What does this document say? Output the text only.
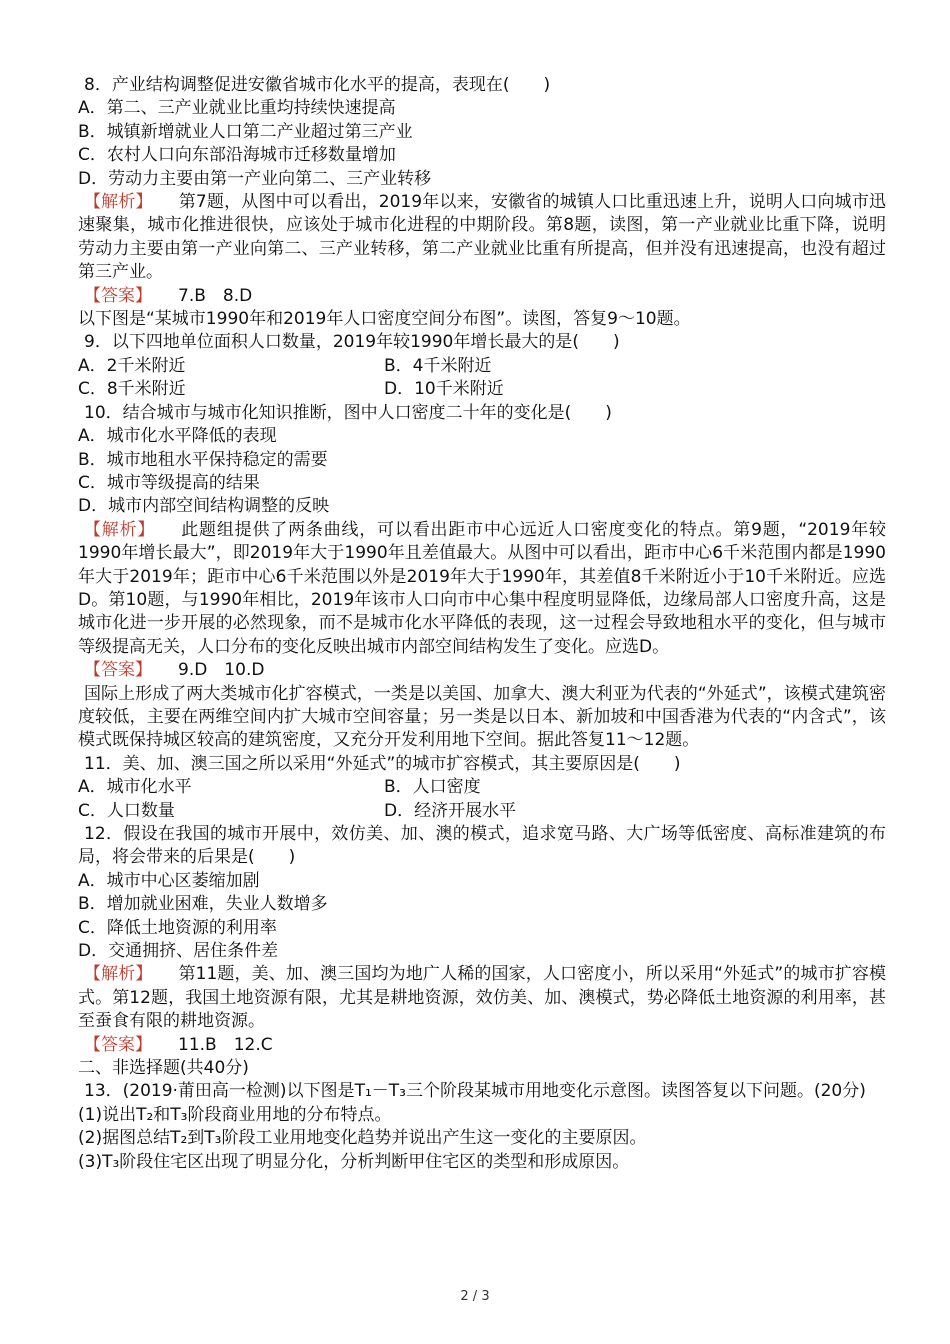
8．产业结构调整促进安徽省城市化水平的提高，表现在(　　)

A．第二、三产业就业比重均持续快速提高

B．城镇新增就业人口第二产业超过第三产业

C．农村人口向东部沿海城市迁移数量增加

D．劳动力主要由第一产业向第二、三产业转移

【解析】 第7题，从图中可以看出，2019年以来，安徽省的城镇人口比重迅速上升，说明人口向城市迅速聚集，城市化推进很快，应该处于城市化进程的中期阶段。第8题，读图，第一产业就业比重下降，说明劳动力主要由第一产业向第二、三产业转移，第二产业就业比重有所提高，但并没有迅速提高，也没有超过第三产业。

【答案】 7.B　8.D

以下图是“某城市1990年和2019年人口密度空间分布图”。读图，答复9～10题。

9．以下四地单位面积人口数量，2019年较1990年增长最大的是(　　)

A．2千米附近	B．4千米附近
C．8千米附近	D．10千米附近

10．结合城市与城市化知识推断，图中人口密度二十年的变化是(　　)

A．城市化水平降低的表现

B．城市地租水平保持稳定的需要

C．城市等级提高的结果

D．城市内部空间结构调整的反映

【解析】 此题组提供了两条曲线，可以看出距市中心远近人口密度变化的特点。第9题，“2019年较1990年增长最大”，即2019年大于1990年且差值最大。从图中可以看出，距市中心6千米范围内都是1990年大于2019年；距市中心6千米范围以外是2019年大于1990年，其差值8千米附近小于10千米附近。应选D。第10题，与1990年相比，2019年该市人口向市中心集中程度明显降低，边缘局部人口密度升高，这是城市化进一步开展的必然现象，而不是城市化水平降低的表现，这一过程会导致地租水平的变化，但与城市等级提高无关，人口分布的变化反映出城市内部空间结构发生了变化。应选D。

【答案】 9.D　10.D

国际上形成了两大类城市化扩容模式，一类是以美国、加拿大、澳大利亚为代表的“外延式”，该模式建筑密度较低，主要在两维空间内扩大城市空间容量；另一类是以日本、新加坡和中国香港为代表的“内含式”，该模式既保持城区较高的建筑密度，又充分开发利用地下空间。据此答复11～12题。

11．美、加、澳三国之所以采用“外延式”的城市扩容模式，其主要原因是(　　)

A．城市化水平	B．人口密度
C．人口数量	D．经济开展水平

12．假设在我国的城市开展中，效仿美、加、澳的模式，追求宽马路、大广场等低密度、高标准建筑的布局，将会带来的后果是(　　)

A．城市中心区萎缩加剧

B．增加就业困难，失业人数增多

C．降低土地资源的利用率

D．交通拥挤、居住条件差

【解析】 第11题，美、加、澳三国均为地广人稀的国家，人口密度小，所以采用“外延式”的城市扩容模式。第12题，我国土地资源有限，尤其是耕地资源，效仿美、加、澳模式，势必降低土地资源的利用率，甚至蚕食有限的耕地资源。

【答案】 11.B　12.C

二、非选择题(共40分)

13．(2019·莆田高一检测)以下图是T₁－T₃三个阶段某城市用地变化示意图。读图答复以下问题。(20分)

(1)说出T₂和T₃阶段商业用地的分布特点。

(2)据图总结T₂到T₃阶段工业用地变化趋势并说出产生这一变化的主要原因。

(3)T₃阶段住宅区出现了明显分化，分析判断甲住宅区的类型和形成原因。

2 / 3
